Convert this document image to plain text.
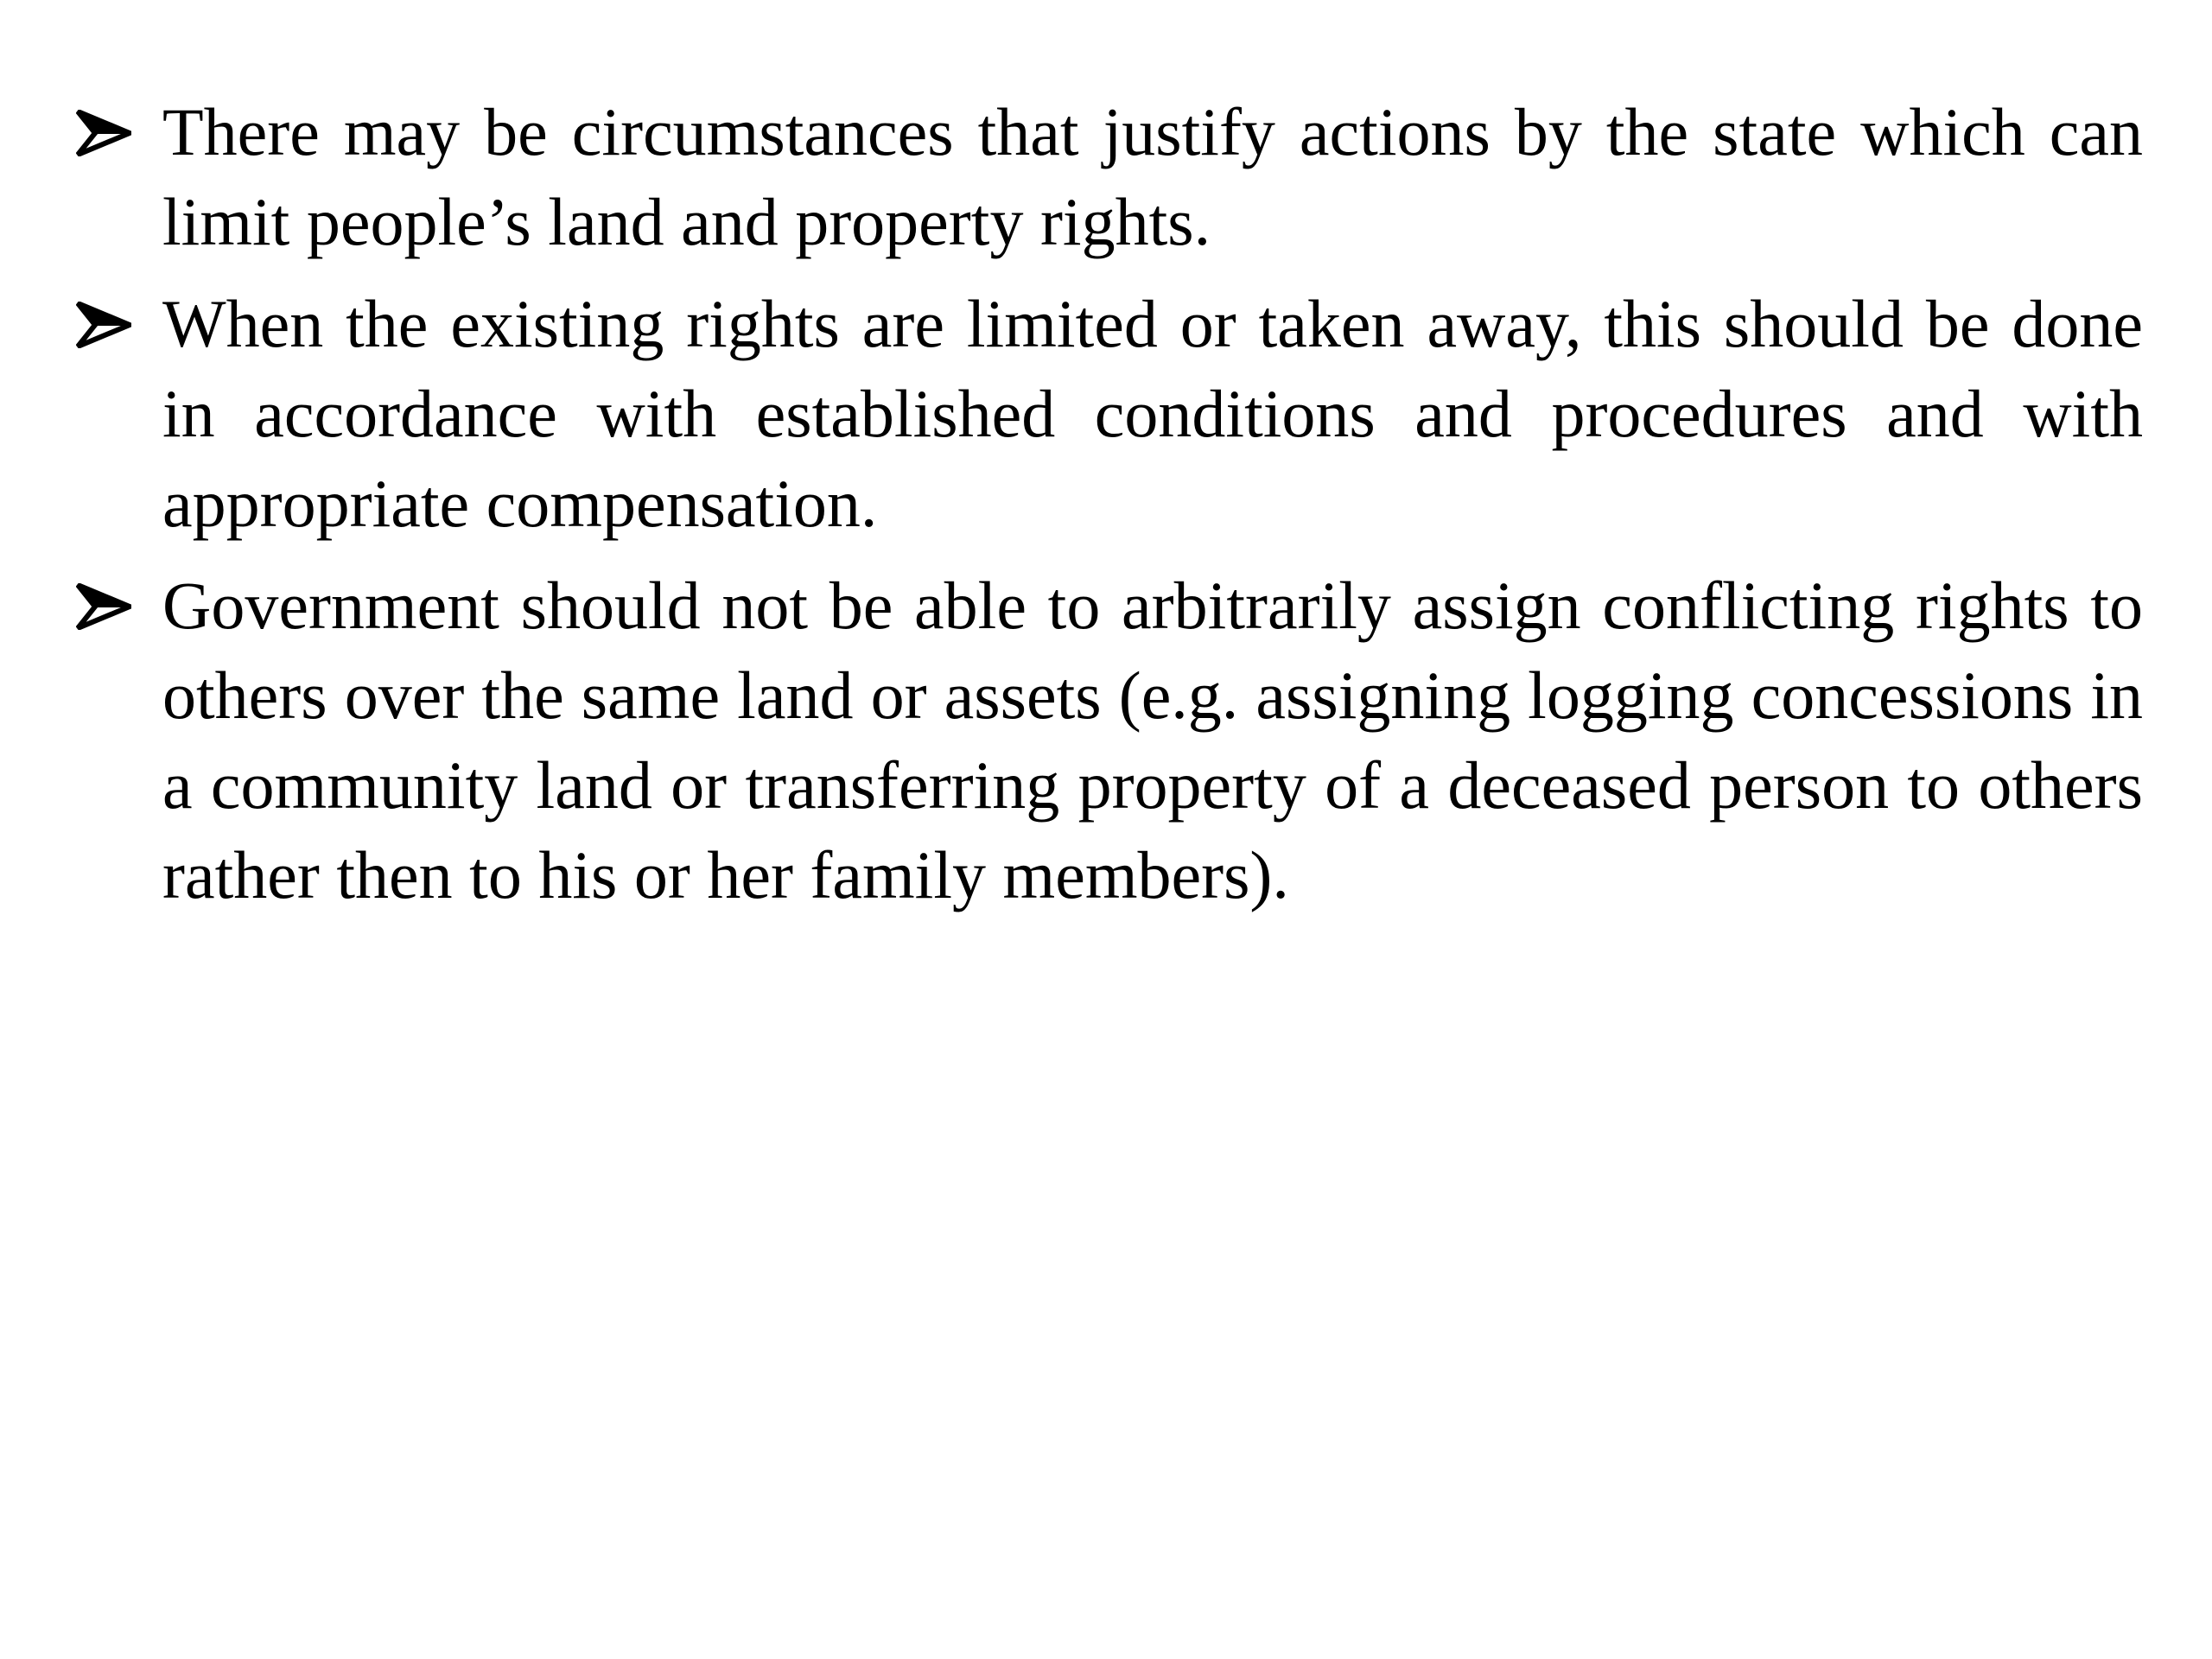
There may be circumstances that justify actions by the state which can limit people’s land and property rights.
When the existing rights are limited or taken away, this should be done in accordance with established conditions and procedures and with appropriate compensation.
Government should not be able to arbitrarily assign conflicting rights to others over the same land or assets (e.g. assigning logging concessions in a community land or transferring property of a deceased person to others rather then to his or her family members).
